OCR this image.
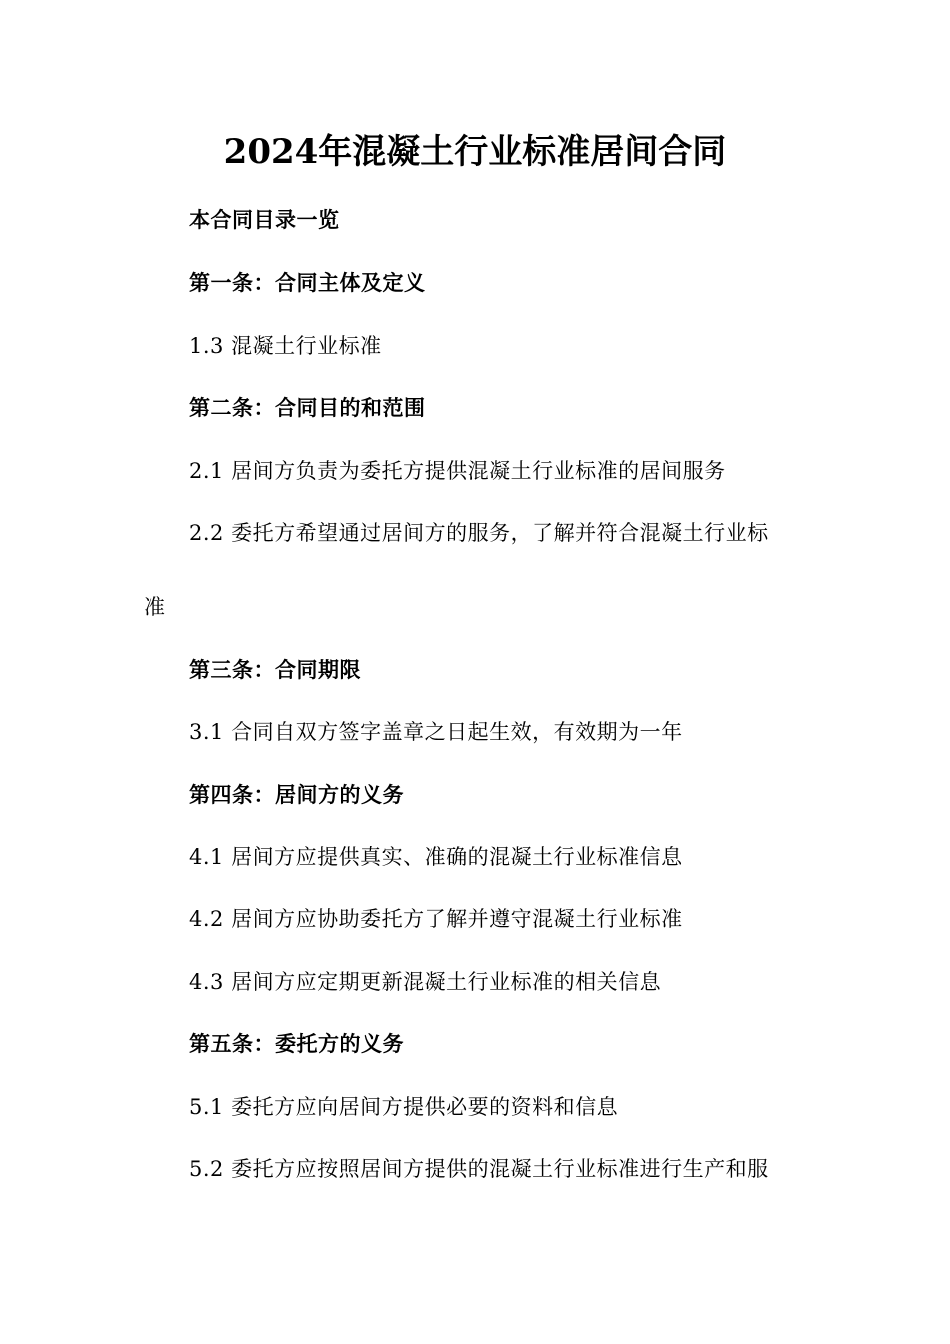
2024年混凝土行业标准居间合同
本合同目录一览
第一条：合同主体及定义
1.3 混凝土行业标准
第二条：合同目的和范围
2.1 居间方负责为委托方提供混凝土行业标准的居间服务
2.2 委托方希望通过居间方的服务，了解并符合混凝土行业标
准
第三条：合同期限
3.1 合同自双方签字盖章之日起生效，有效期为一年
第四条：居间方的义务
4.1 居间方应提供真实、准确的混凝土行业标准信息
4.2 居间方应协助委托方了解并遵守混凝土行业标准
4.3 居间方应定期更新混凝土行业标准的相关信息
第五条：委托方的义务
5.1 委托方应向居间方提供必要的资料和信息
5.2 委托方应按照居间方提供的混凝土行业标准进行生产和服
